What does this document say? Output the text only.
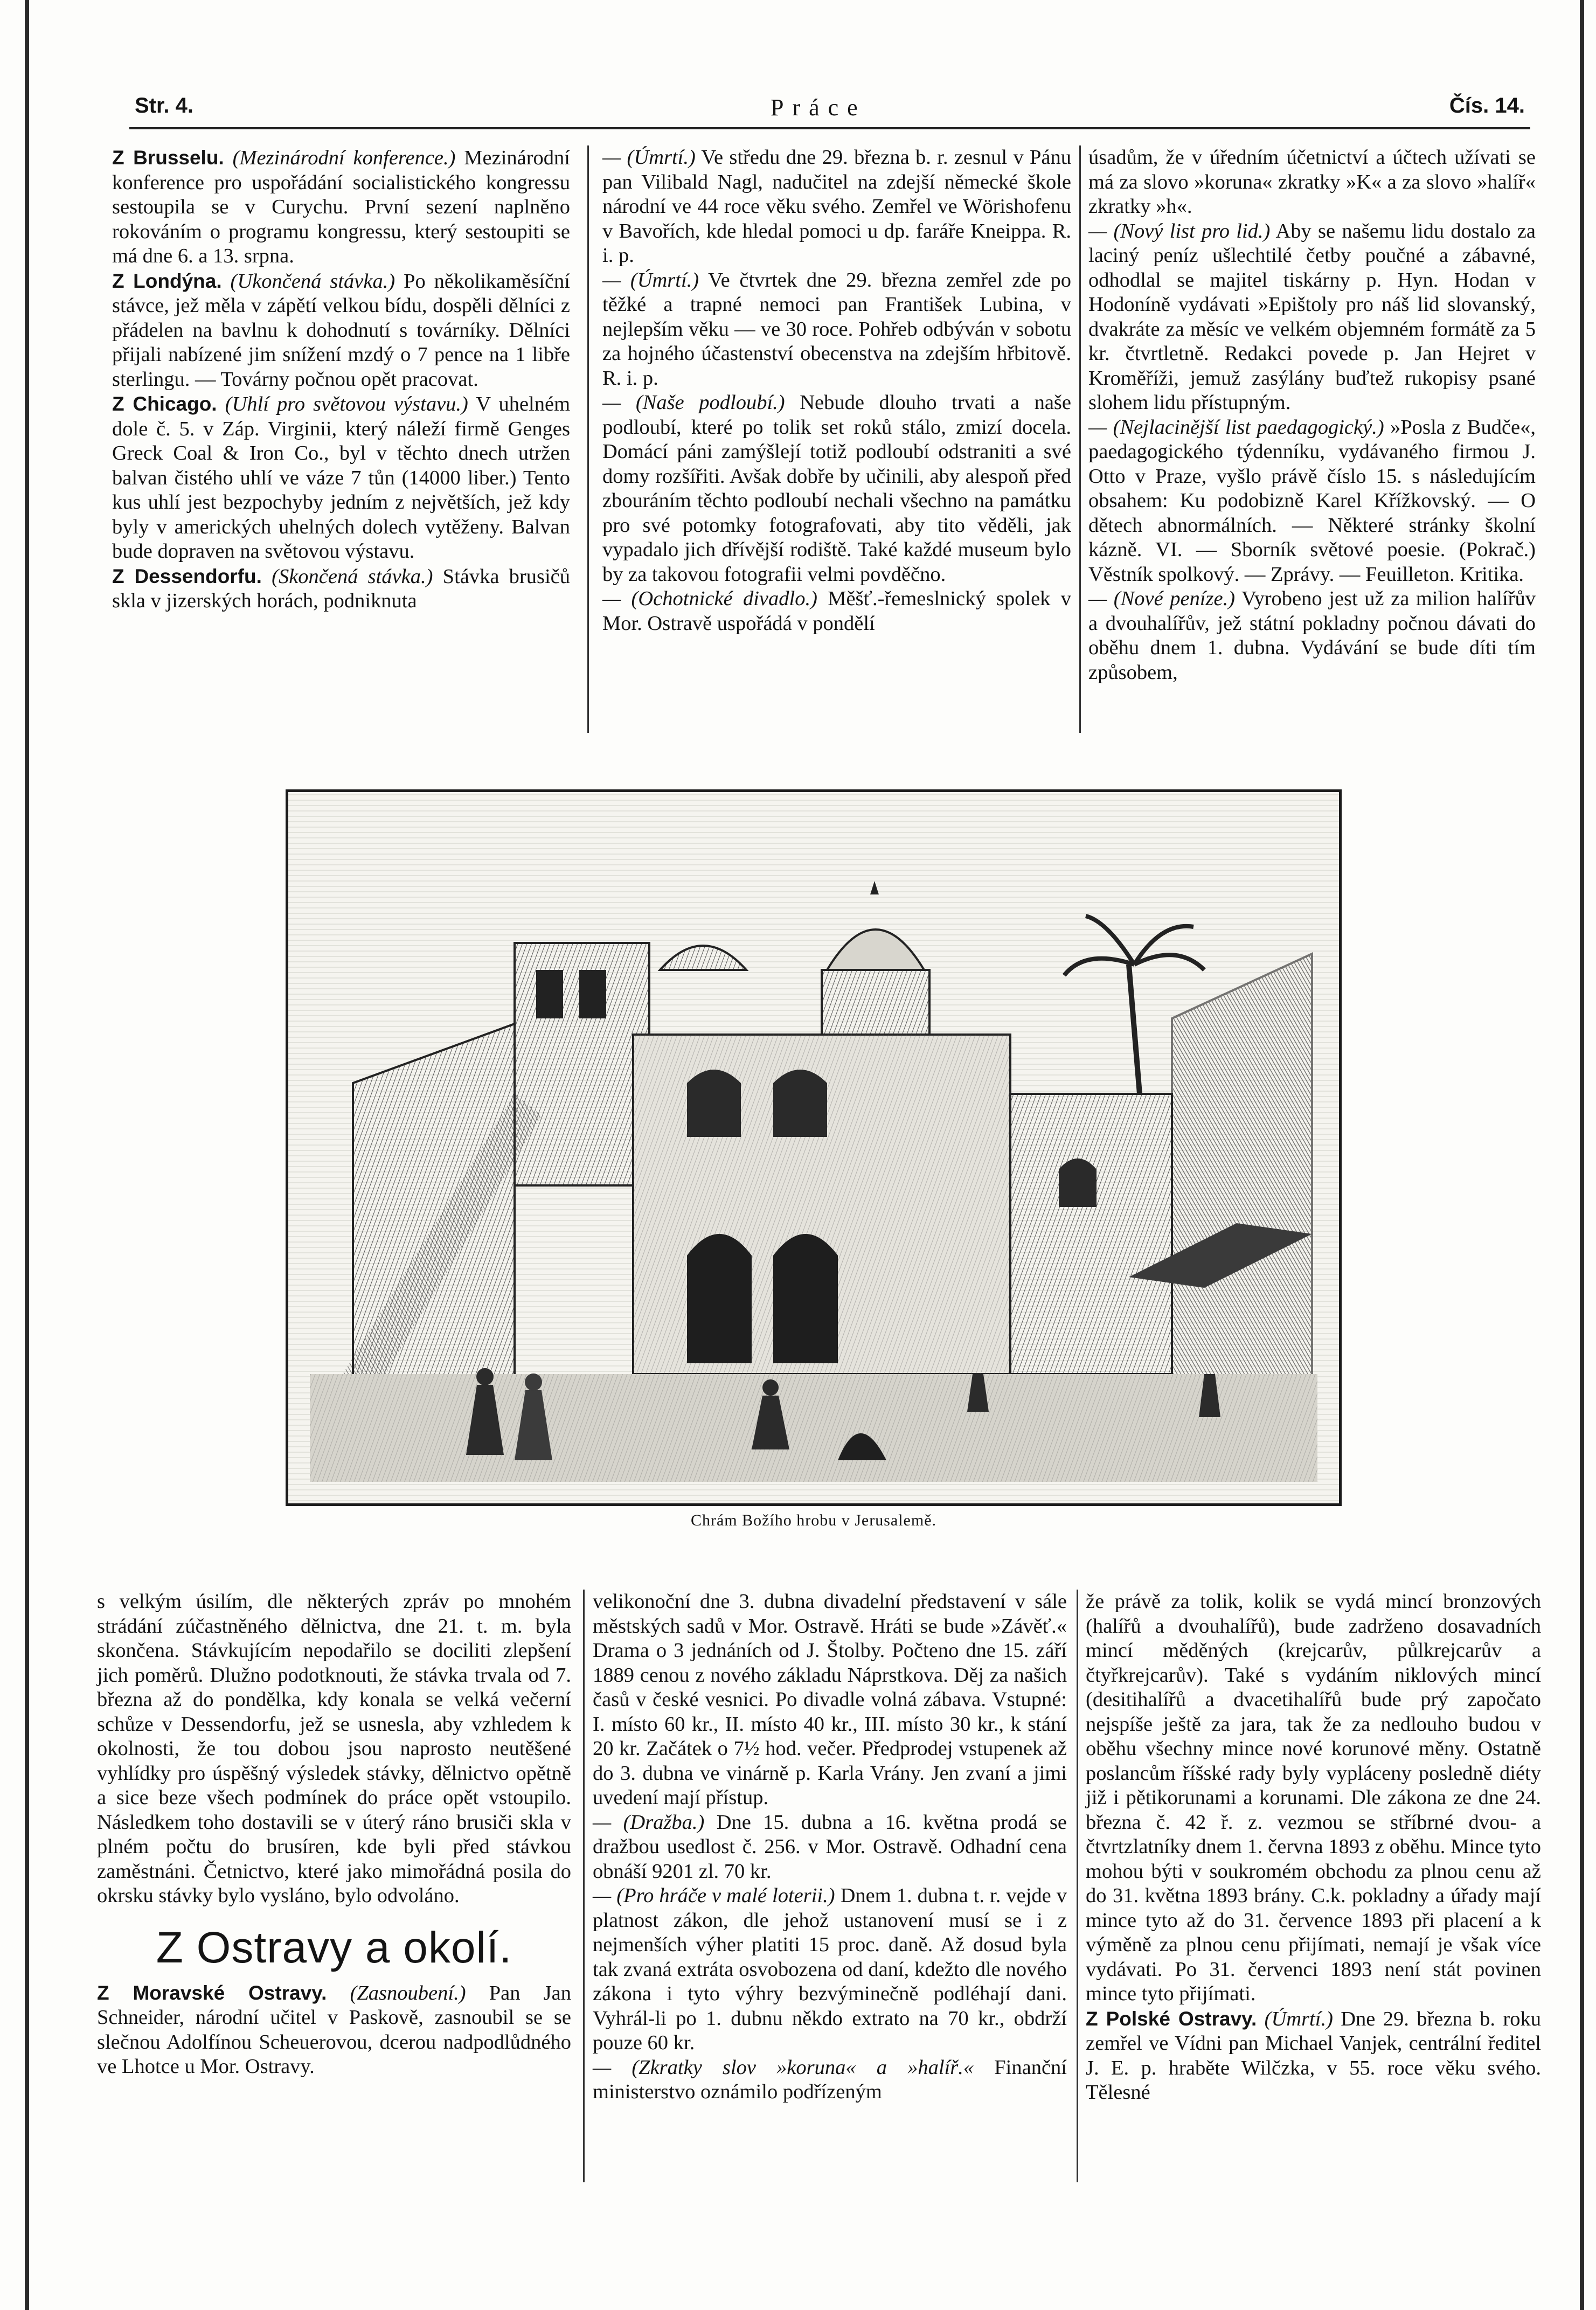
Str. 4.	Práce	Čís. 14.

Z Brusselu. (Mezinárodní konference.) Mezinárodní konference pro uspořádání socialistického kongressu sestoupila se v Curychu. První sezení naplněno rokováním o programu kongressu, který sestoupiti se má dne 6. a 13. srpna.

Z Londýna. (Ukončená stávka.) Po několikaměsíční stávce, jež měla v zápětí velkou bídu, dospěli dělníci z přádelen na bavlnu k dohodnutí s továrníky. Dělníci přijali nabízené jim snížení mzdý o 7 pence na 1 libře sterlingu. — Továrny počnou opět pracovat.

Z Chicago. (Uhlí pro světovou výstavu.) V uhelném dole č. 5. v Záp. Virginii, který náleží firmě Genges Greck Coal & Iron Co., byl v těchto dnech utržen balvan čistého uhlí ve váze 7 tůn (14000 liber.) Tento kus uhlí jest bezpochyby jedním z největších, jež kdy byly v amerických uhelných dolech vytěženy. Balvan bude dopraven na světovou výstavu.

Z Dessendorfu. (Skončená stávka.) Stávka brusičů skla v jizerských horách, podniknuta

— (Úmrtí.) Ve středu dne 29. března b. r. zesnul v Pánu pan Vilibald Nagl, nadučitel na zdejší německé škole národní ve 44 roce věku svého. Zemřel ve Wörishofenu v Bavořích, kde hledal pomoci u dp. faráře Kneippa. R. i. p.

— (Úmrtí.) Ve čtvrtek dne 29. března zemřel zde po těžké a trapné nemoci pan František Lubina, v nejlepším věku — ve 30 roce. Pohřeb odbýván v sobotu za hojného účastenství obecenstva na zdejším hřbitově. R. i. p.

— (Naše podloubí.) Nebude dlouho trvati a naše podloubí, které po tolik set roků stálo, zmizí docela. Domácí páni zamýšlejí totiž podloubí odstraniti a své domy rozšířiti. Avšak dobře by učinili, aby alespoň před zbouráním těchto podloubí nechali všechno na památku pro své potomky fotografovati, aby tito věděli, jak vypadalo jich dřívější rodiště. Také každé museum bylo by za takovou fotografii velmi povděčno.

— (Ochotnické divadlo.) Měšť.-řemeslnický spolek v Mor. Ostravě uspořádá v pondělí

úsadům, že v úředním účetnictví a účtech užívati se má za slovo »koruna« zkratky »K« a za slovo »halíř« zkratky »h«.

— (Nový list pro lid.) Aby se našemu lidu dostalo za laciný peníz ušlechtilé četby poučné a zábavné, odhodlal se majitel tiskárny p. Hyn. Hodan v Hodoníně vydávati »Epištoly pro náš lid slovanský, dvakráte za měsíc ve velkém objemném formátě za 5 kr. čtvrtletně. Redakci povede p. Jan Hejret v Kroměříži, jemuž zasýlány buďtež rukopisy psané slohem lidu přístupným.

— (Nejlacinější list paedagogický.) »Posla z Budče«, paedagogického týdenníku, vydávaného firmou J. Otto v Praze, vyšlo právě číslo 15. s následujícím obsahem: Ku podobizně Karel Křížkovský. — O dětech abnormálních. — Některé stránky školní kázně. VI. — Sborník světové poesie. (Pokrač.) Věstník spolkový. — Zprávy. — Feuilleton. Kritika.

— (Nové peníze.) Vyrobeno jest už za milion halířův a dvouhalířův, jež státní pokladny počnou dávati do oběhu dnem 1. dubna. Vydávání se bude díti tím způsobem,

Chrám Božího hrobu v Jerusalemě.

s velkým úsilím, dle některých zpráv po mnohém strádání zúčastněného dělnictva, dne 21. t. m. byla skončena. Stávkujícím nepodařilo se dociliti zlepšení jich poměrů. Dlužno podotknouti, že stávka trvala od 7. března až do pondělka, kdy konala se velká večerní schůze v Dessendorfu, jež se usnesla, aby vzhledem k okolnosti, že tou dobou jsou naprosto neutěšené vyhlídky pro úspěšný výsledek stávky, dělnictvo opětně a sice beze všech podmínek do práce opět vstoupilo. Následkem toho dostavili se v úterý ráno brusiči skla v plném počtu do brusíren, kde byli před stávkou zaměstnáni. Četnictvo, které jako mimořádná posila do okrsku stávky bylo vysláno, bylo odvoláno.

Z Ostravy a okolí.

Z Moravské Ostravy. (Zasnoubení.) Pan Jan Schneider, národní učitel v Paskově, zasnoubil se se slečnou Adolfínou Scheuerovou, dcerou nadpodlůdného ve Lhotce u Mor. Ostravy.

velikonoční dne 3. dubna divadelní představení v sále městských sadů v Mor. Ostravě. Hráti se bude »Závěť.« Drama o 3 jednáních od J. Štolby. Počteno dne 15. září 1889 cenou z nového základu Náprstkova. Děj za našich časů v české vesnici. Po divadle volná zábava. Vstupné: I. místo 60 kr., II. místo 40 kr., III. místo 30 kr., k stání 20 kr. Začátek o 7½ hod. večer. Předprodej vstupenek až do 3. dubna ve vinárně p. Karla Vrány. Jen zvaní a jimi uvedení mají přístup.

— (Dražba.) Dne 15. dubna a 16. května prodá se dražbou usedlost č. 256. v Mor. Ostravě. Odhadní cena obnáší 9201 zl. 70 kr.

— (Pro hráče v malé loterii.) Dnem 1. dubna t. r. vejde v platnost zákon, dle jehož ustanovení musí se i z nejmenších výher platiti 15 proc. daně. Až dosud byla tak zvaná extráta osvobozena od daní, kdežto dle nového zákona i tyto výhry bezvýminečně podléhají dani. Vyhrál-li po 1. dubnu někdo extrato na 70 kr., obdrží pouze 60 kr.

— (Zkratky slov »koruna« a »halíř.« Finanční ministerstvo oznámilo podřízeným

že právě za tolik, kolik se vydá mincí bronzových (halířů a dvouhalířů), bude zadrženo dosavadních mincí měděných (krejcarův, půlkrejcarův a čtyřkrejcarův). Také s vydáním niklových mincí (desitihalířů a dvacetihalířů bude prý započato nejspíše ještě za jara, tak že za nedlouho budou v oběhu všechny mince nové korunové měny. Ostatně poslancům říšské rady byly vypláceny posledně diéty již i pětikorunami a korunami. Dle zákona ze dne 24. března č. 42 ř. z. vezmou se stříbrné dvou- a čtvrtzlatníky dnem 1. června 1893 z oběhu. Mince tyto mohou býti v soukromém obchodu za plnou cenu až do 31. května 1893 brány. C.k. pokladny a úřady mají mince tyto až do 31. července 1893 při placení a k výměně za plnou cenu přijímati, nemají je však více vydávati. Po 31. červenci 1893 není stát povinen mince tyto přijímati.

Z Polské Ostravy. (Úmrtí.) Dne 29. března b. roku zemřel ve Vídni pan Michael Vanjek, centrální ředitel J. E. p. hraběte Wilčzka, v 55. roce věku svého. Tělesné
